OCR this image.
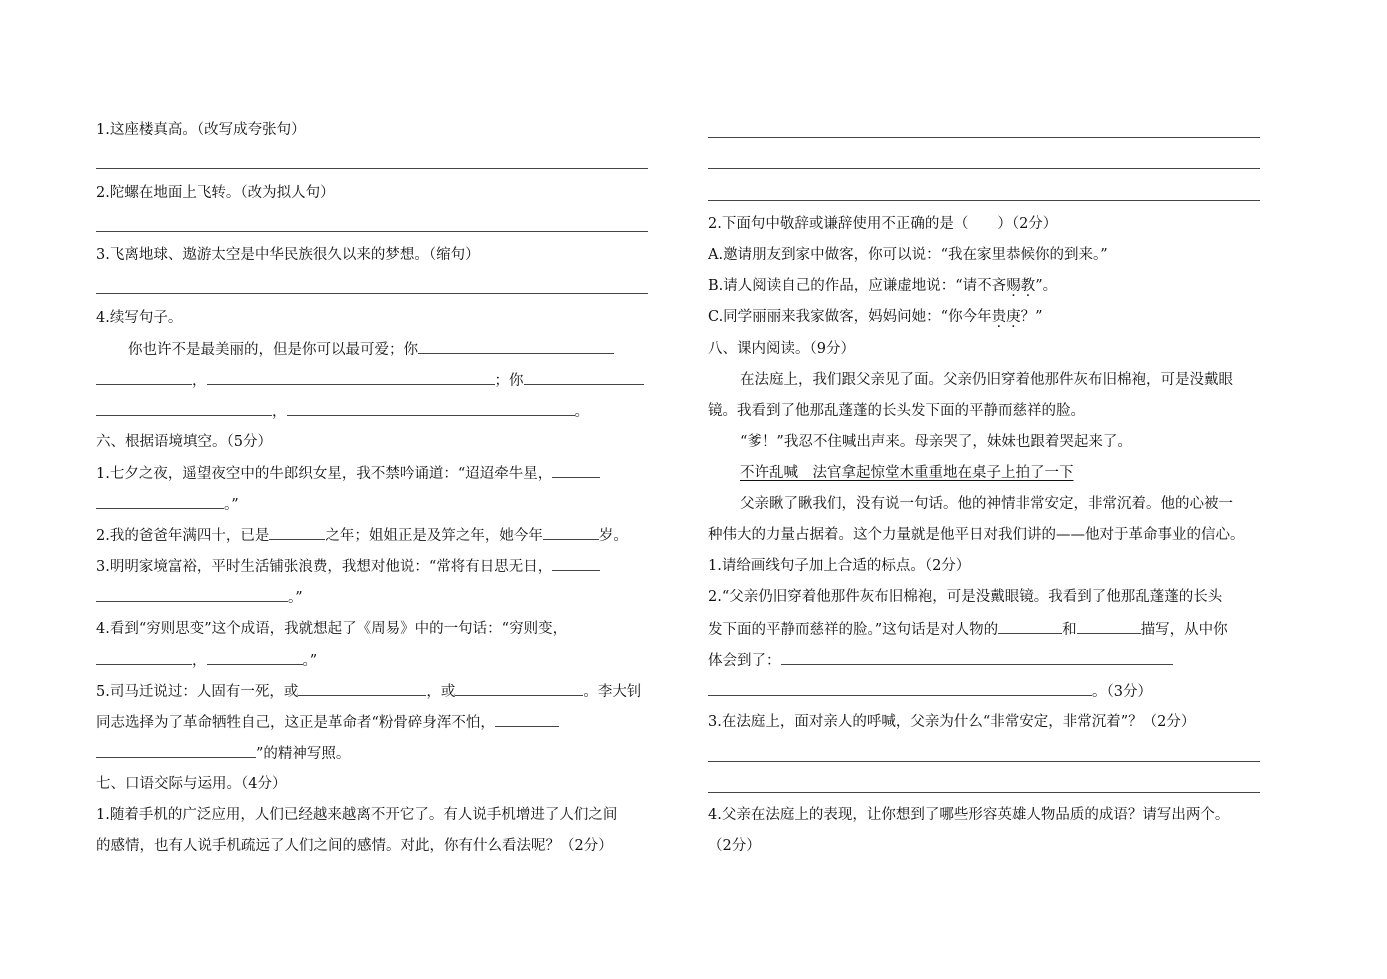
1.这座楼真高。（改写成夸张句）
2.陀螺在地面上飞转。（改为拟人句）
3.飞离地球、遨游太空是中华民族很久以来的梦想。（缩句）
4.续写句子。
你也许不是最美丽的，但是你可以最可爱；你
，	；你
，	。
六、根据语境填空。（5分）
1.七夕之夜，遥望夜空中的牛郎织女星，我不禁吟诵道：“迢迢牵牛星，
。”
2.我的爸爸年满四十，已是	之年；姐姐正是及笄之年，她今年	岁。
3.明明家境富裕，平时生活铺张浪费，我想对他说：“常将有日思无日，
。”
4.看到“穷则思变”这个成语，我就想起了《周易》中的一句话：“穷则变，
，	。”
5.司马迁说过：人固有一死，或	，或	。李大钊
同志选择为了革命牺牲自己，这正是革命者“粉骨碎身浑不怕，
”的精神写照。
七、口语交际与运用。（4分）
1.随着手机的广泛应用，人们已经越来越离不开它了。有人说手机增进了人们之间
的感情，也有人说手机疏远了人们之间的感情。对此，你有什么看法呢？（2分）
2.下面句中敬辞或谦辞使用不正确的是（　　）（2分）
A.邀请朋友到家中做客，你可以说：“我在家里恭候你的到来。”
B.请人阅读自己的作品，应谦虚地说：“请不吝赐教”。
C.同学丽丽来我家做客，妈妈问她：“你今年贵庚？”
八、课内阅读。（9分）
在法庭上，我们跟父亲见了面。父亲仍旧穿着他那件灰布旧棉袍，可是没戴眼
镜。我看到了他那乱蓬蓬的长头发下面的平静而慈祥的脸。
“爹！”我忍不住喊出声来。母亲哭了，妹妹也跟着哭起来了。
不许乱喊　法官拿起惊堂木重重地在桌子上拍了一下
父亲瞅了瞅我们，没有说一句话。他的神情非常安定，非常沉着。他的心被一
种伟大的力量占据着。这个力量就是他平日对我们讲的——他对于革命事业的信心。
1.请给画线句子加上合适的标点。（2分）
2.“父亲仍旧穿着他那件灰布旧棉袍，可是没戴眼镜。我看到了他那乱蓬蓬的长头
发下面的平静而慈祥的脸。”这句话是对人物的	和	描写，从中你
体会到了：
。（3分）
3.在法庭上，面对亲人的呼喊，父亲为什么“非常安定，非常沉着”？（2分）
4.父亲在法庭上的表现，让你想到了哪些形容英雄人物品质的成语？请写出两个。
（2分）
